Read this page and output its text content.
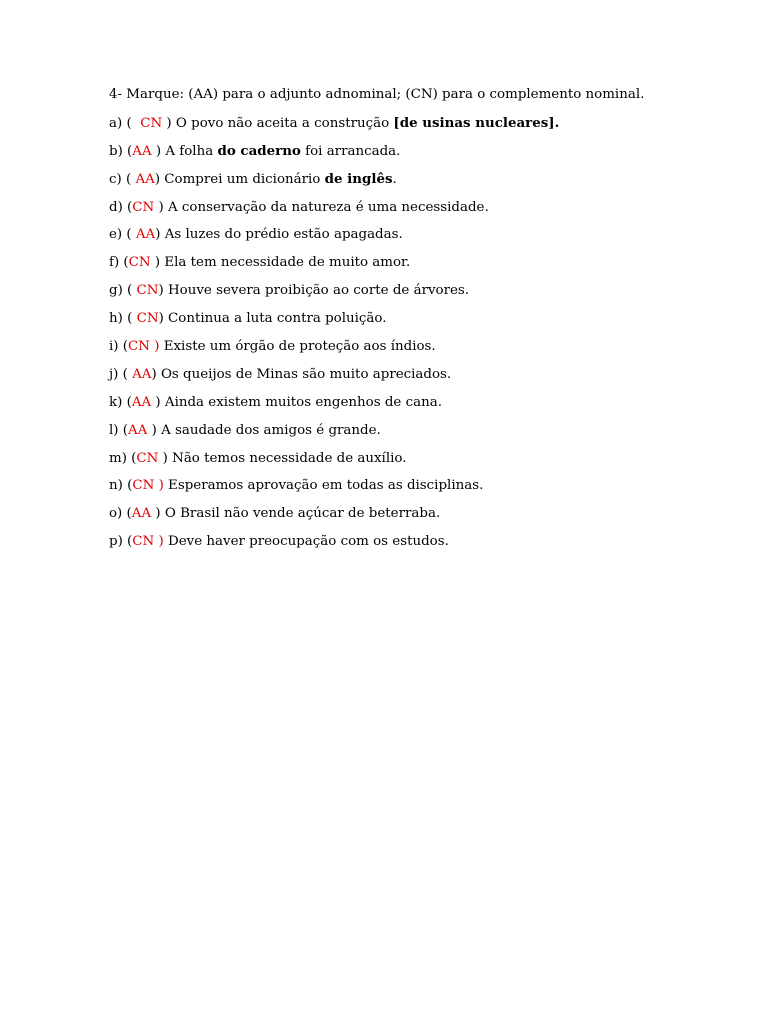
4- Marque: (AA) para o adjunto adnominal; (CN) para o complemento nominal.
a) (  CN ) O povo não aceita a construção [de usinas nucleares].
b) (AA ) A folha do caderno foi arrancada.
c) ( AA) Comprei um dicionário de inglês.
d) (CN ) A conservação da natureza é uma necessidade.
e) ( AA) As luzes do prédio estão apagadas.
f) (CN ) Ela tem necessidade de muito amor.
g) ( CN) Houve severa proibição ao corte de árvores.
h) ( CN) Continua a luta contra poluição.
i) (CN ) Existe um órgão de proteção aos índios.
j) ( AA) Os queijos de Minas são muito apreciados.
k) (AA ) Ainda existem muitos engenhos de cana.
l) (AA ) A saudade dos amigos é grande.
m) (CN ) Não temos necessidade de auxílio.
n) (CN ) Esperamos aprovação em todas as disciplinas.
o) (AA ) O Brasil não vende açúcar de beterraba.
p) (CN ) Deve haver preocupação com os estudos.
